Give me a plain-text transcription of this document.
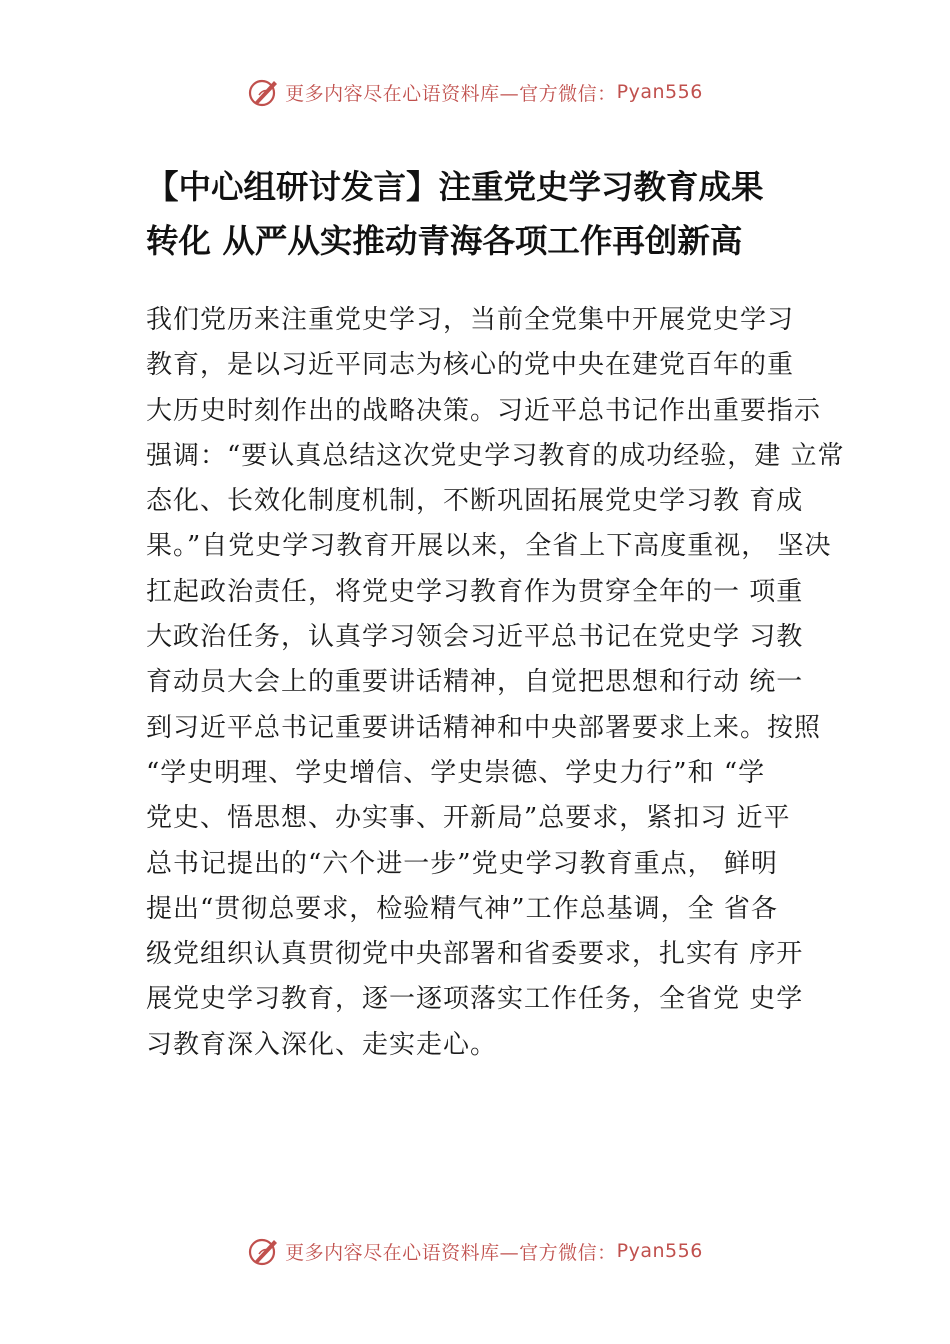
更多内容尽在心语资料库—官方微信： Pyan556
【中心组研讨发言】注重党史学习教育成果
转化 从严从实推动青海各项工作再创新高
我们党历来注重党史学习，当前全党集中开展党史学习
教育，是以习近平同志为核心的党中央在建党百年的重
大历史时刻作出的战略决策。习近平总书记作出重要指示
强调：“要认真总结这次党史学习教育的成功经验，建 立常
态化、长效化制度机制，不断巩固拓展党史学习教 育成
果。”自党史学习教育开展以来，全省上下高度重视， 坚决
扛起政治责任，将党史学习教育作为贯穿全年的一 项重
大政治任务，认真学习领会习近平总书记在党史学 习教
育动员大会上的重要讲话精神，自觉把思想和行动 统一
到习近平总书记重要讲话精神和中央部署要求上来。按照
“学史明理、学史增信、学史崇德、学史力行”和 “学
党史、悟思想、办实事、开新局”总要求，紧扣习 近平
总书记提出的“六个进一步”党史学习教育重点， 鲜明
提出“贯彻总要求，检验精气神”工作总基调，全 省各
级党组织认真贯彻党中央部署和省委要求，扎实有 序开
展党史学习教育，逐一逐项落实工作任务，全省党 史学
习教育深入深化、走实走心。
更多内容尽在心语资料库—官方微信： Pyan556
